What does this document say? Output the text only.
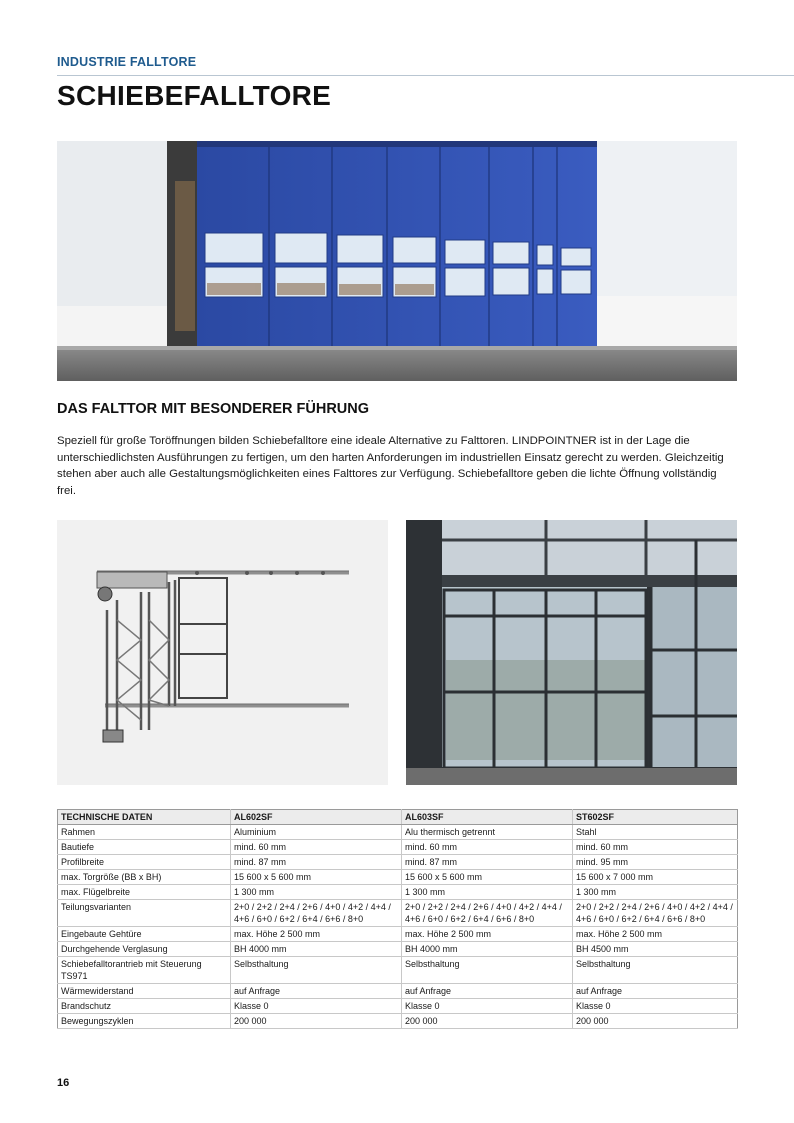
INDUSTRIE FALLTORE
SCHIEBEFALLTORE
DAS FALTTOR MIT BESONDERER FÜHRUNG

Speziell für große Toröffnungen bilden Schiebefalltore eine ideale Alternative zu Falttoren. LINDPOINTNER ist in der Lage die unterschiedlichsten Ausführungen zu fertigen, um den harten Anforderungen im industriellen Einsatz gerecht zu werden. Gleichzeitig stehen aber auch alle Gestaltungsmöglichkeiten eines Falttores zur Verfügung. Schiebefalltore geben die lichte Öffnung vollständig frei.

TECHNISCHE DATEN	AL602SF	AL603SF	ST602SF
Rahmen	Aluminium	Alu thermisch getrennt	Stahl
Bautiefe	mind. 60 mm	mind. 60 mm	mind. 60 mm
Profilbreite	mind. 87 mm	mind. 87 mm	mind. 95 mm
max. Torgröße (BB x BH)	15 600 x 5 600 mm	15 600 x 5 600 mm	15 600 x 7 000 mm
max. Flügelbreite	1 300 mm	1 300 mm	1 300 mm
Teilungsvarianten	2+0 / 2+2 / 2+4 / 2+6 / 4+0 / 4+2 / 4+4 / 4+6 / 6+0 / 6+2 / 6+4 / 6+6 / 8+0	2+0 / 2+2 / 2+4 / 2+6 / 4+0 / 4+2 / 4+4 / 4+6 / 6+0 / 6+2 / 6+4 / 6+6 / 8+0	2+0 / 2+2 / 2+4 / 2+6 / 4+0 / 4+2 / 4+4 / 4+6 / 6+0 / 6+2 / 6+4 / 6+6 / 8+0
Eingebaute Gehtüre	max. Höhe 2 500 mm	max. Höhe 2 500 mm	max. Höhe 2 500 mm
Durchgehende Verglasung	BH 4000 mm	BH 4000 mm	BH 4500 mm
Schiebefalltorantrieb mit Steuerung TS971	Selbsthaltung	Selbsthaltung	Selbsthaltung
Wärmewiderstand	auf Anfrage	auf Anfrage	auf Anfrage
Brandschutz	Klasse 0	Klasse 0	Klasse 0
Bewegungszyklen	200 000	200 000	200 000
16
